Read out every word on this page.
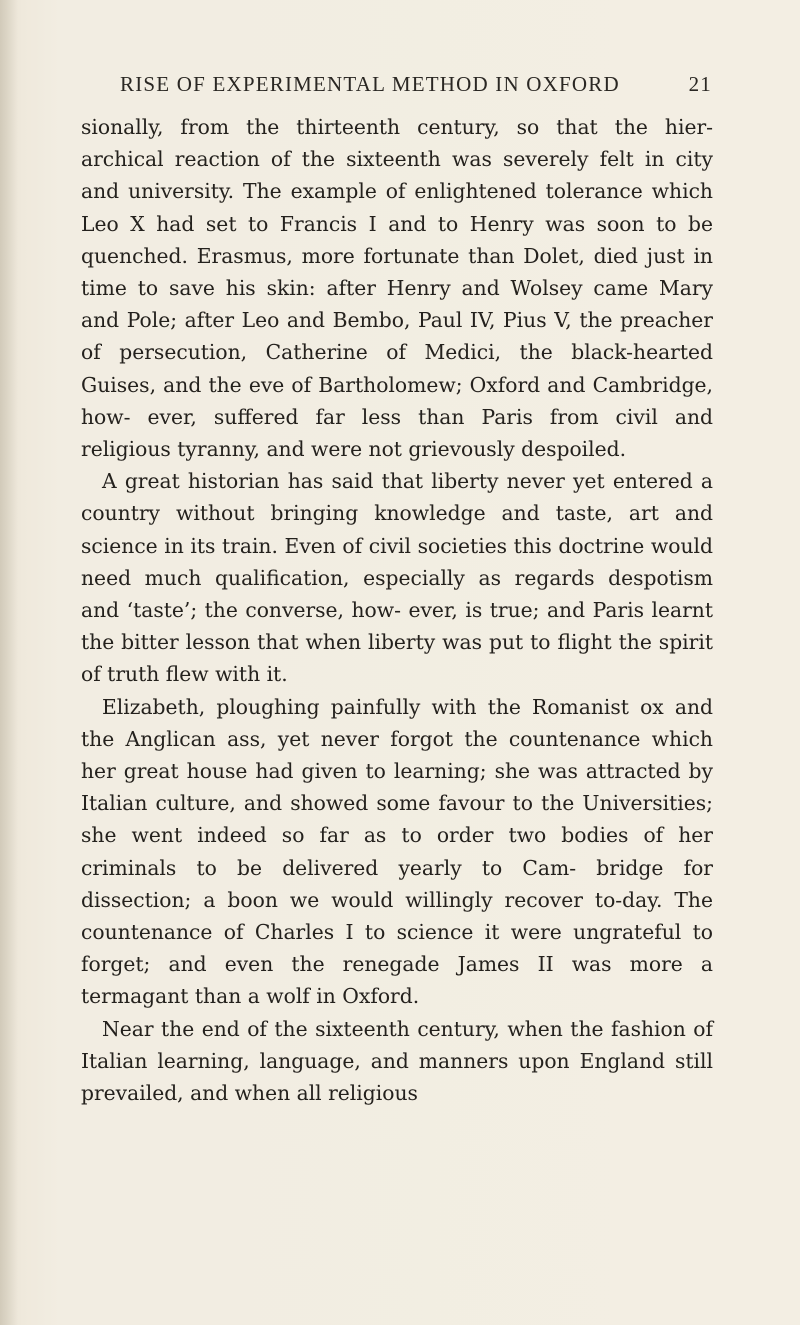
RISE OF EXPERIMENTAL METHOD IN OXFORD	21

sionally, from the thirteenth century, so that the hier- archical reaction of the sixteenth was severely felt in city and university. The example of enlightened tolerance which Leo X had set to Francis I and to Henry was soon to be quenched. Erasmus, more fortunate than Dolet, died just in time to save his skin: after Henry and Wolsey came Mary and Pole; after Leo and Bembo, Paul IV, Pius V, the preacher of persecution, Catherine of Medici, the black-hearted Guises, and the eve of Bartholomew; Oxford and Cambridge, how- ever, suffered far less than Paris from civil and religious tyranny, and were not grievously despoiled.

A great historian has said that liberty never yet entered a country without bringing knowledge and taste, art and science in its train. Even of civil societies this doctrine would need much qualification, especially as regards despotism and ‘taste’; the converse, how- ever, is true; and Paris learnt the bitter lesson that when liberty was put to flight the spirit of truth flew with it.

Elizabeth, ploughing painfully with the Romanist ox and the Anglican ass, yet never forgot the countenance which her great house had given to learning; she was attracted by Italian culture, and showed some favour to the Universities; she went indeed so far as to order two bodies of her criminals to be delivered yearly to Cam- bridge for dissection; a boon we would willingly recover to-day. The countenance of Charles I to science it were ungrateful to forget; and even the renegade James II was more a termagant than a wolf in Oxford.

Near the end of the sixteenth century, when the fashion of Italian learning, language, and manners upon England still prevailed, and when all religious
